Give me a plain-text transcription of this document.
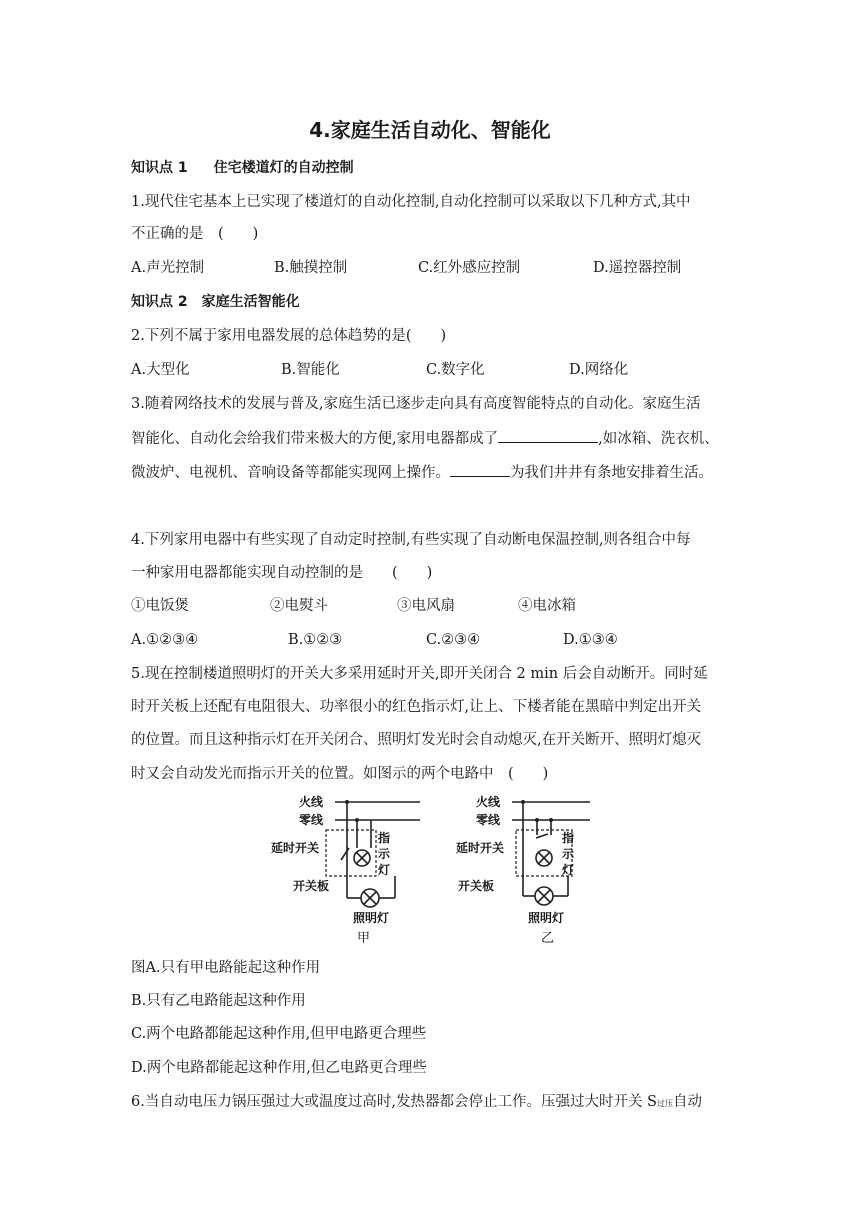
4.家庭生活自动化、智能化
知识点 1 住宅楼道灯的自动控制
1.现代住宅基本上已实现了楼道灯的自动化控制,自动化控制可以采取以下几种方式,其中
不正确的是　(　　)
A.声光控制	B.触摸控制	C.红外感应控制	D.遥控器控制
知识点 2 家庭生活智能化
2.下列不属于家用电器发展的总体趋势的是(　　)
A.大型化	B.智能化	C.数字化	D.网络化
3.随着网络技术的发展与普及,家庭生活已逐步走向具有高度智能特点的自动化。家庭生活
智能化、自动化会给我们带来极大的方便,家用电器都成了	,如冰箱、洗衣机、
微波炉、电视机、音响设备等都能实现网上操作。	为我们井井有条地安排着生活。
4.下列家用电器中有些实现了自动定时控制,有些实现了自动断电保温控制,则各组合中每
一种家用电器都能实现自动控制的是　　(　　)
①电饭煲	②电熨斗	③电风扇	④电冰箱
A.①②③④	B.①②③	C.②③④	D.①③④
5.现在控制楼道照明灯的开关大多采用延时开关,即开关闭合 2 min 后会自动断开。同时延
时开关板上还配有电阻很大、功率很小的红色指示灯,让上、下楼者能在黑暗中判定出开关
的位置。而且这种指示灯在开关闭合、照明灯发光时会自动熄灭,在开关断开、照明灯熄灭
时又会自动发光而指示开关的位置。如图示的两个电路中　(　　)
火线
零线
延时开关
指
示
灯
开关板
照明灯
火线
零线
延时开关
指
示
灯
开关板
照明灯
甲	乙
图A.只有甲电路能起这种作用
B.只有乙电路能起这种作用
C.两个电路都能起这种作用,但甲电路更合理些
D.两个电路都能起这种作用,但乙电路更合理些
6.当自动电压力锅压强过大或温度过高时,发热器都会停止工作。压强过大时开关 S过压自动
